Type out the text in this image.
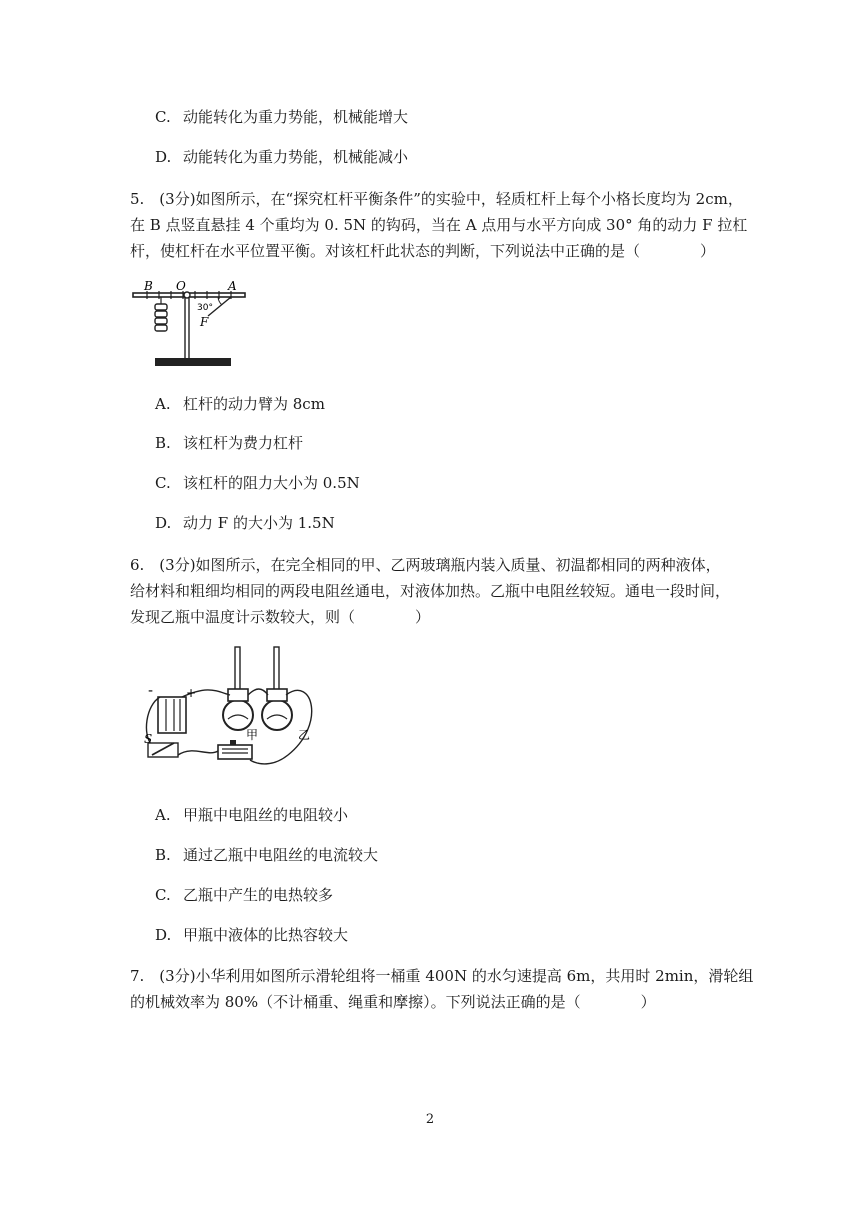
C. 动能转化为重力势能，机械能增大
D. 动能转化为重力势能，机械能减小
5.　(3分)如图所示，在“探究杠杆平衡条件”的实验中，轻质杠杆上每个小格长度均为 2cm，
在 B 点竖直悬挂 4 个重均为 0. 5N 的钩码，当在 A 点用与水平方向成 30° 角的动力 F 拉杠
杆，使杠杆在水平位置平衡。对该杠杆此状态的判断，下列说法中正确的是（　　　　）
B O	A
30°
F
A. 杠杆的动力臂为 8cm
B. 该杠杆为费力杠杆
C. 该杠杆的阻力大小为 0.5N
D. 动力 F 的大小为 1.5N
6.　(3分)如图所示，在完全相同的甲、乙两玻璃瓶内装入质量、初温都相同的两种液体，
给材料和粗细均相同的两段电阻丝通电，对液体加热。乙瓶中电阻丝较短。通电一段时间，
发现乙瓶中温度计示数较大，则（　　　　）
-	+
S	甲	乙
A. 甲瓶中电阻丝的电阻较小
B. 通过乙瓶中电阻丝的电流较大
C. 乙瓶中产生的电热较多
D. 甲瓶中液体的比热容较大
7.　(3分)小华利用如图所示滑轮组将一桶重 400N 的水匀速提高 6m，共用时 2min，滑轮组
的机械效率为 80%（不计桶重、绳重和摩擦）。下列说法正确的是（　　　　）
2
